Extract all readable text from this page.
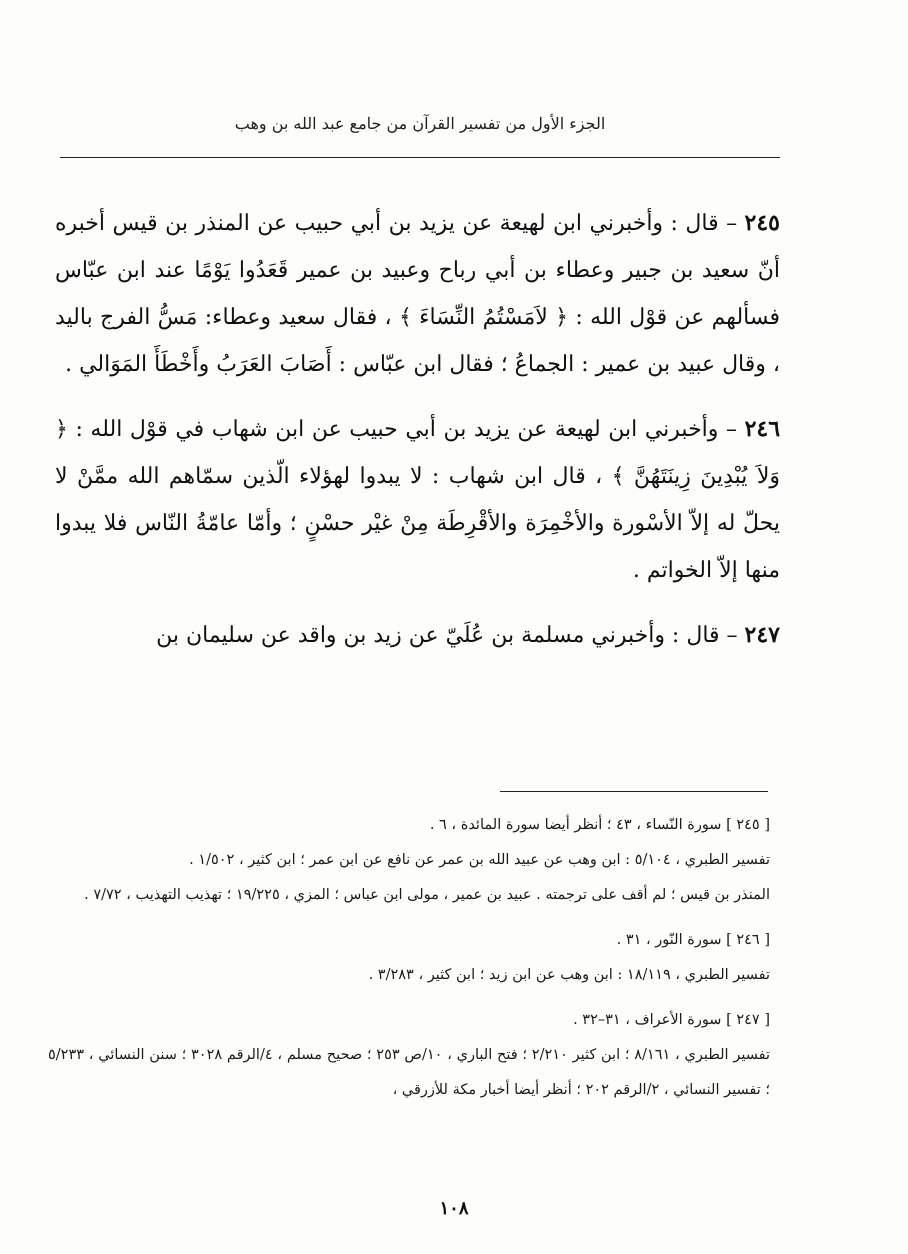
الجزء الأول من تفسير القرآن من جامع عبد الله بن وهب

٢٤٥ – قال : وأخبرني ابن لهيعة عن يزيد بن أبي حبيب عن المنذر بن قيس أخبره أنّ سعيد بن جبير وعطاء بن أبي رباح وعبيد بن عمير قَعَدُوا يَوْمًا عند ابن عبّاس فسألهم عن قوْل الله : ﴿ لاَمَسْتُمُ النِّسَاءَ ﴾ ، فقال سعيد وعطاء: مَسُّ الفرج باليد ، وقال عبيد بن عمير : الجماعُ ؛ فقال ابن عبّاس : أَصَابَ العَرَبُ وأَخْطَأَ المَوَالي .

٢٤٦ – وأخبرني ابن لهيعة عن يزيد بن أبي حبيب عن ابن شهاب في قوْل الله : ﴿ وَلاَ يُبْدِينَ زِينَتَهُنَّ ﴾ ، قال ابن شهاب : لا يبدوا لهؤلاء الّذين سمّاهم الله ممَّنْ لا يحلّ له إلاّ الأسْورة والأخْمِرَة والأقْرِطَة مِنْ غيْر حسْنٍ ؛ وأمّا عامّةُ النّاس فلا يبدوا منها إلاّ الخواتم .

٢٤٧ – قال : وأخبرني مسلمة بن عُلَيّ عن زيد بن واقد عن سليمان بن

[ ٢٤٥ ] سورة النّساء ، ٤٣ ؛ أنظر أيضا سورة المائدة ، ٦ .

تفسير الطبري ، ٥/١٠٤ : ابن وهب عن عبيد الله بن عمر عن نافع عن ابن عمر ؛ ابن كثير ، ١/٥٠٢ .

المنذر بن قيس ؛ لم أقف على ترجمته . عبيد بن عمير ، مولى ابن عباس ؛ المزي ، ١٩/٢٢٥ ؛ تهذيب التهذيب ، ٧/٧٢ .

[ ٢٤٦ ] سورة النّور ، ٣١ .

تفسير الطبري ، ١٨/١١٩ : ابن وهب عن ابن زيد ؛ ابن كثير ، ٣/٢٨٣ .

[ ٢٤٧ ] سورة الأعراف ، ٣١–٣٢ .

تفسير الطبري ، ٨/١٦١ ؛ ابن كثير ٢/٢١٠ ؛ فتح الباري ، ١٠/ص ٢٥٣ ؛ صحيح مسلم ، ٤/الرقم ٣٠٢٨ ؛ سنن النسائي ، ٥/٢٣٣ ؛ تفسير النسائي ، ٢/الرقم ٢٠٢ ؛ أنظر أيضا أخبار مكة للأزرقي ،

١٠٨
